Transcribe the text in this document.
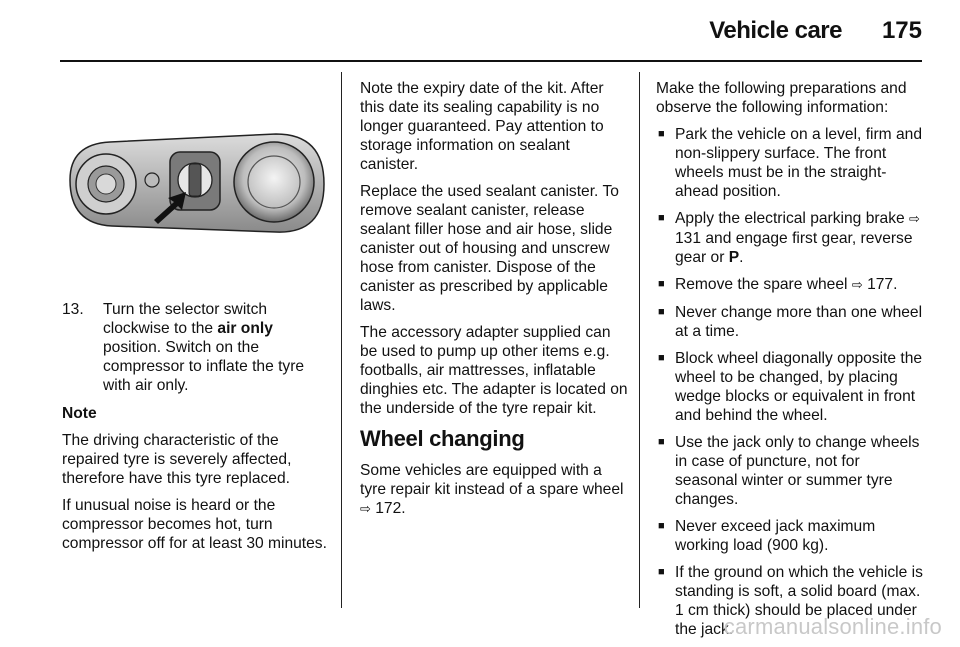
Vehicle care 175
13. Turn the selector switch clockwise to the air only position. Switch on the compressor to inflate the tyre with air only.

Note

The driving characteristic of the repaired tyre is severely affected, therefore have this tyre replaced.

If unusual noise is heard or the compressor becomes hot, turn compressor off for at least 30 minutes.

Note the expiry date of the kit. After this date its sealing capability is no longer guaranteed. Pay attention to storage information on sealant canister.

Replace the used sealant canister. To remove sealant canister, release sealant filler hose and air hose, slide canister out of housing and unscrew hose from canister. Dispose of the canister as prescribed by applicable laws.

The accessory adapter supplied can be used to pump up other items e.g. footballs, air mattresses, inflatable dinghies etc. The adapter is located on the underside of the tyre repair kit.

Wheel changing

Some vehicles are equipped with a tyre repair kit instead of a spare wheel ⇨ 172.

Make the following preparations and observe the following information:

■ Park the vehicle on a level, firm and non-slippery surface. The front wheels must be in the straight-ahead position.
■ Apply the electrical parking brake ⇨ 131 and engage first gear, reverse gear or P.
■ Remove the spare wheel ⇨ 177.
■ Never change more than one wheel at a time.
■ Block wheel diagonally opposite the wheel to be changed, by placing wedge blocks or equivalent in front and behind the wheel.
■ Use the jack only to change wheels in case of puncture, not for seasonal winter or summer tyre changes.
■ Never exceed jack maximum working load (900 kg).
■ If the ground on which the vehicle is standing is soft, a solid board (max. 1 cm thick) should be placed under the jack.
carmanualsonline.info
